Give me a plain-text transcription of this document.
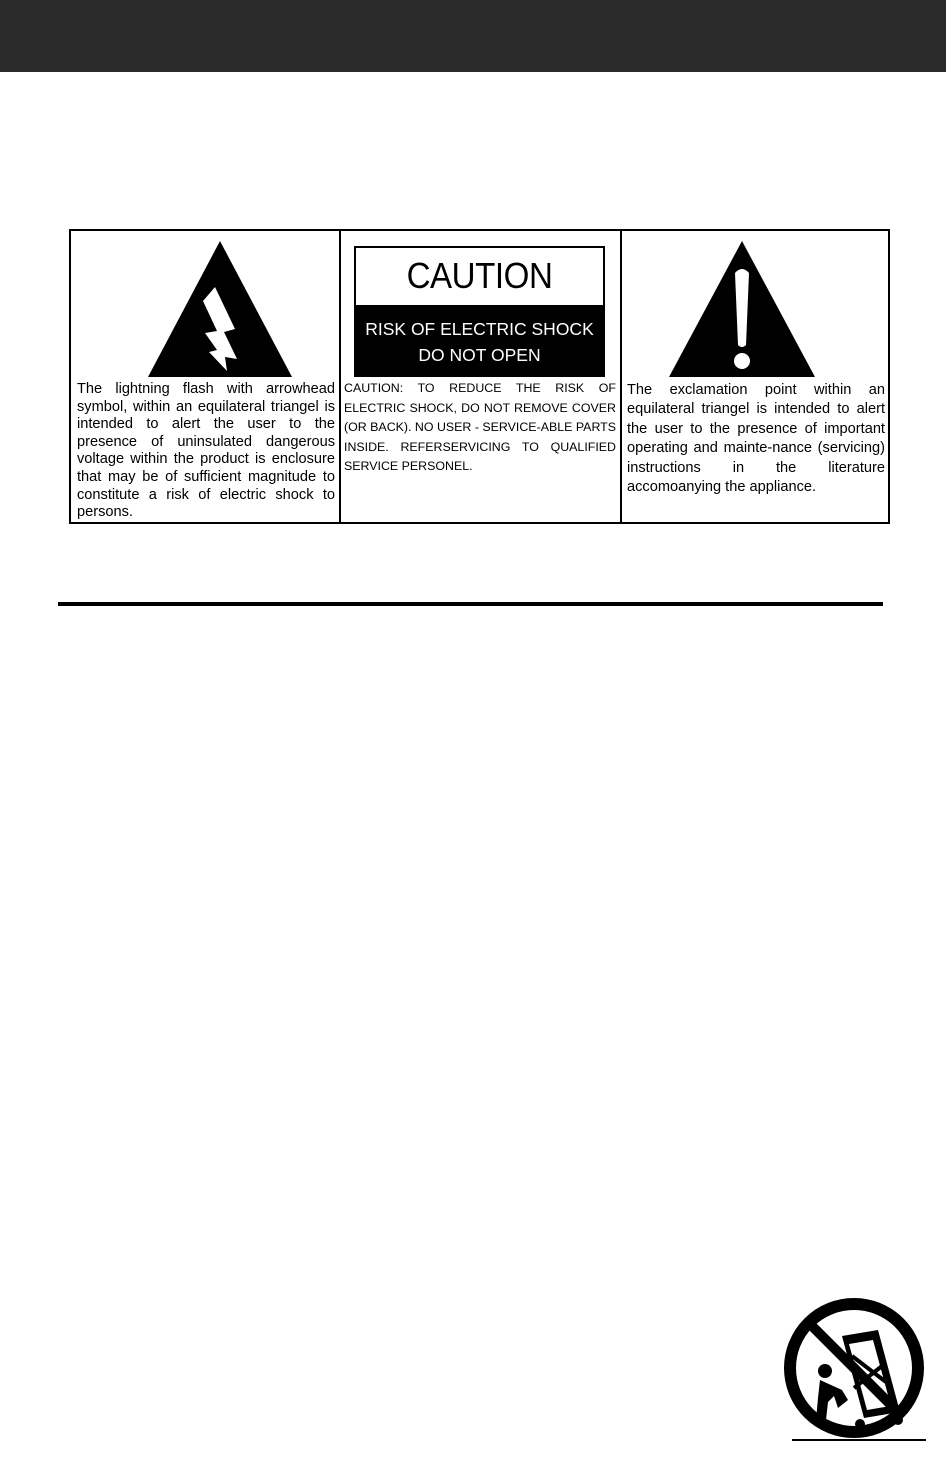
The lightning flash with arrowhead symbol, within an equilateral triangel is intended to alert the user to the presence of uninsulated dangerous voltage within the product is enclosure that may be of sufficient magnitude to constitute a risk of electric shock to persons.
CAUTION
RISK OF ELECTRIC SHOCK
DO NOT OPEN
CAUTION: TO REDUCE THE RISK OF ELECTRIC SHOCK, DO NOT REMOVE COVER (OR BACK). NO USER - SERVICE-ABLE PARTS INSIDE. REFERSERVICING TO QUALIFIED SERVICE PERSONEL.
The exclamation point within an equilateral triangel is intended to alert the user to the presence of important operating and mainte-nance (servicing) instructions in the literature accomoanying the appliance.
